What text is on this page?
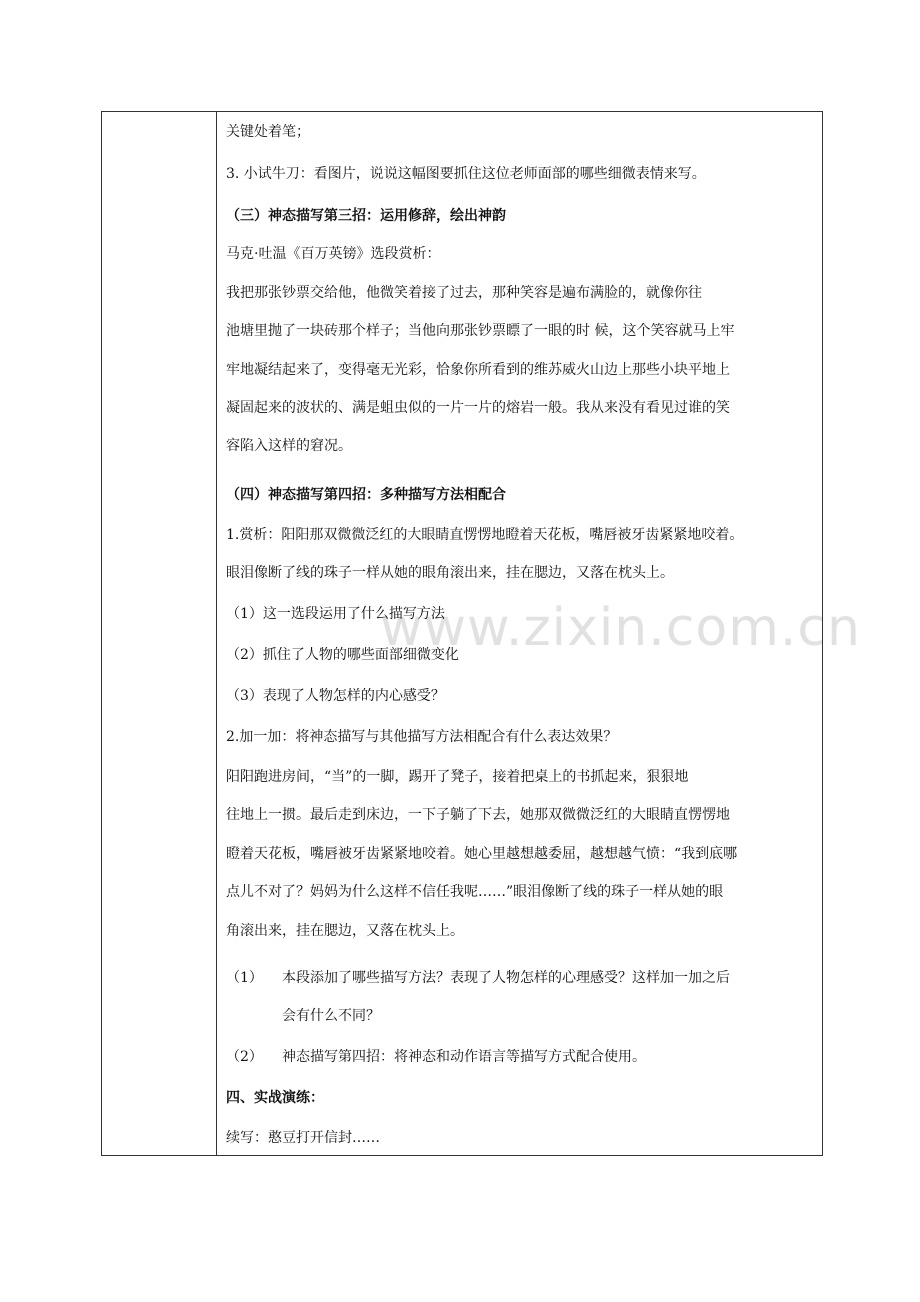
www.zixin.com.cn
关键处着笔；
3. 小试牛刀：看图片，说说这幅图要抓住这位老师面部的哪些细微表情来写。
（三）神态描写第三招：运用修辞，绘出神韵
马克·吐温《百万英镑》选段赏析：
我把那张钞票交给他，他微笑着接了过去，那种笑容是遍布满脸的，就像你往
池塘里抛了一块砖那个样子；当他向那张钞票瞟了一眼的时 候，这个笑容就马上牢
牢地凝结起来了，变得毫无光彩，恰象你所看到的维苏威火山边上那些小块平地上
凝固起来的波状的、满是蛆虫似的一片一片的熔岩一般。我从来没有看见过谁的笑
容陷入这样的窘况。
（四）神态描写第四招：多种描写方法相配合
1.赏析：阳阳那双微微泛红的大眼睛直愣愣地瞪着天花板，嘴唇被牙齿紧紧地咬着。
眼泪像断了线的珠子一样从她的眼角滚出来，挂在腮边，又落在枕头上。
（1）这一选段运用了什么描写方法
（2）抓住了人物的哪些面部细微变化
（3）表现了人物怎样的内心感受？
2.加一加：将神态描写与其他描写方法相配合有什么表达效果？
阳阳跑进房间，“当”的一脚，踢开了凳子，接着把桌上的书抓起来，狠狠地
往地上一掼。最后走到床边，一下子躺了下去，她那双微微泛红的大眼睛直愣愣地
瞪着天花板，嘴唇被牙齿紧紧地咬着。她心里越想越委屈，越想越气愤：“我到底哪
点儿不对了？妈妈为什么这样不信任我呢……”眼泪像断了线的珠子一样从她的眼
角滚出来，挂在腮边，又落在枕头上。
（1） 本段添加了哪些描写方法？表现了人物怎样的心理感受？这样加一加之后
会有什么不同？
（2） 神态描写第四招：将神态和动作语言等描写方式配合使用。
四、实战演练：
续写：憨豆打开信封……
